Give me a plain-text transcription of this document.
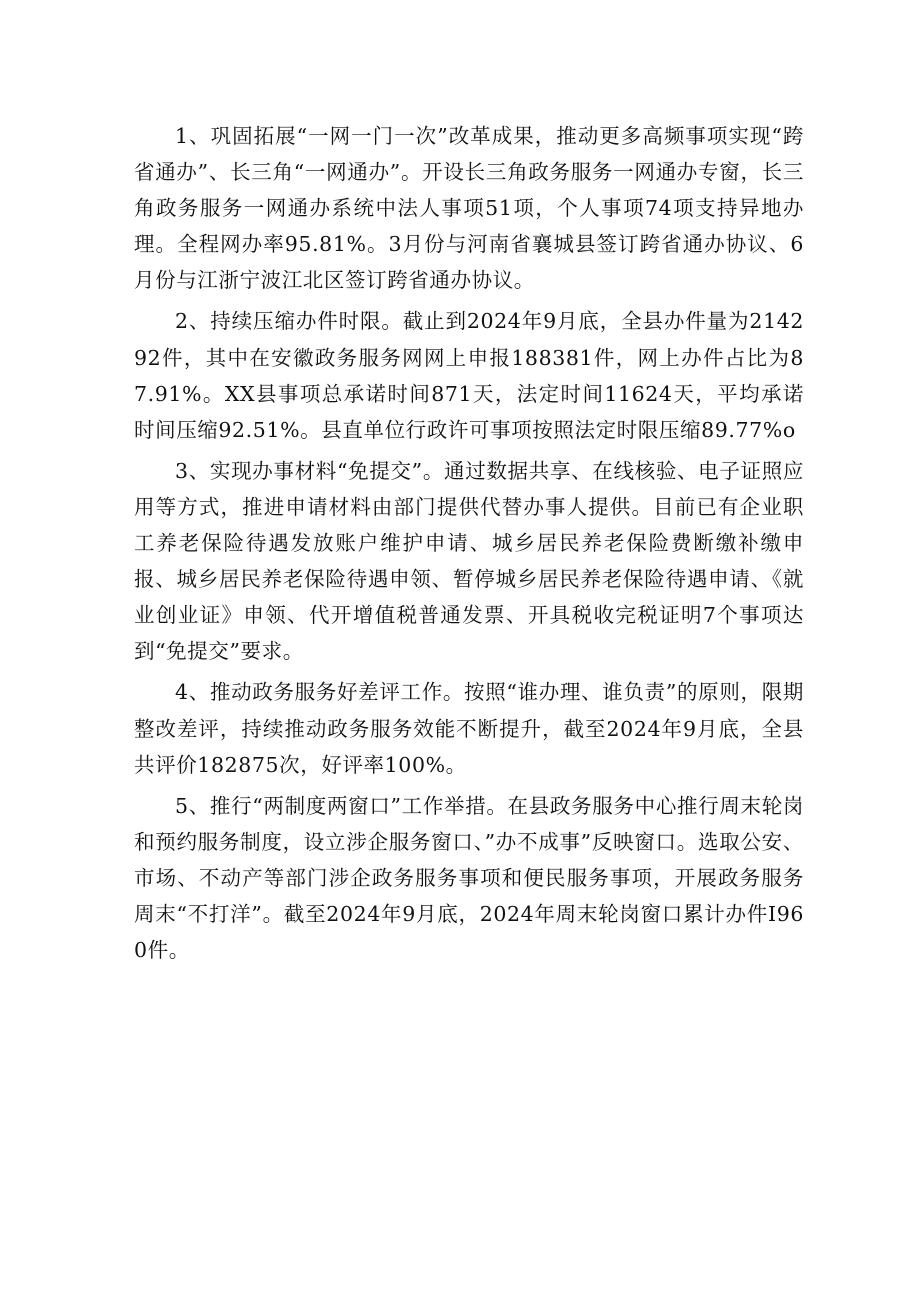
1、巩固拓展“一网一门一次”改革成果，推动更多高频事项实现“跨省通办”、长三角“一网通办”。开设长三角政务服务一网通办专窗，长三角政务服务一网通办系统中法人事项51项，个人事项74项支持异地办理。全程网办率95.81%。3月份与河南省襄城县签订跨省通办协议、6月份与江浙宁波江北区签订跨省通办协议。

2、持续压缩办件时限。截止到2024年9月底，全县办件量为214292件，其中在安徽政务服务网网上申报188381件，网上办件占比为87.91%。XX县事项总承诺时间871天，法定时间11624天，平均承诺时间压缩92.51%。县直单位行政许可事项按照法定时限压缩89.77%o

3、实现办事材料“免提交”。通过数据共享、在线核验、电子证照应用等方式，推进申请材料由部门提供代替办事人提供。目前已有企业职工养老保险待遇发放账户维护申请、城乡居民养老保险费断缴补缴申报、城乡居民养老保险待遇申领、暂停城乡居民养老保险待遇申请、《就业创业证》申领、代开增值税普通发票、开具税收完税证明7个事项达到“免提交”要求。

4、推动政务服务好差评工作。按照“谁办理、谁负责”的原则，限期整改差评，持续推动政务服务效能不断提升，截至2024年9月底，全县共评价182875次，好评率100%。

5、推行“两制度两窗口”工作举措。在县政务服务中心推行周末轮岗和预约服务制度，设立涉企服务窗口、”办不成事”反映窗口。选取公安、市场、不动产等部门涉企政务服务事项和便民服务事项，开展政务服务周末“不打洋”。截至2024年9月底，2024年周末轮岗窗口累计办件I960件。
